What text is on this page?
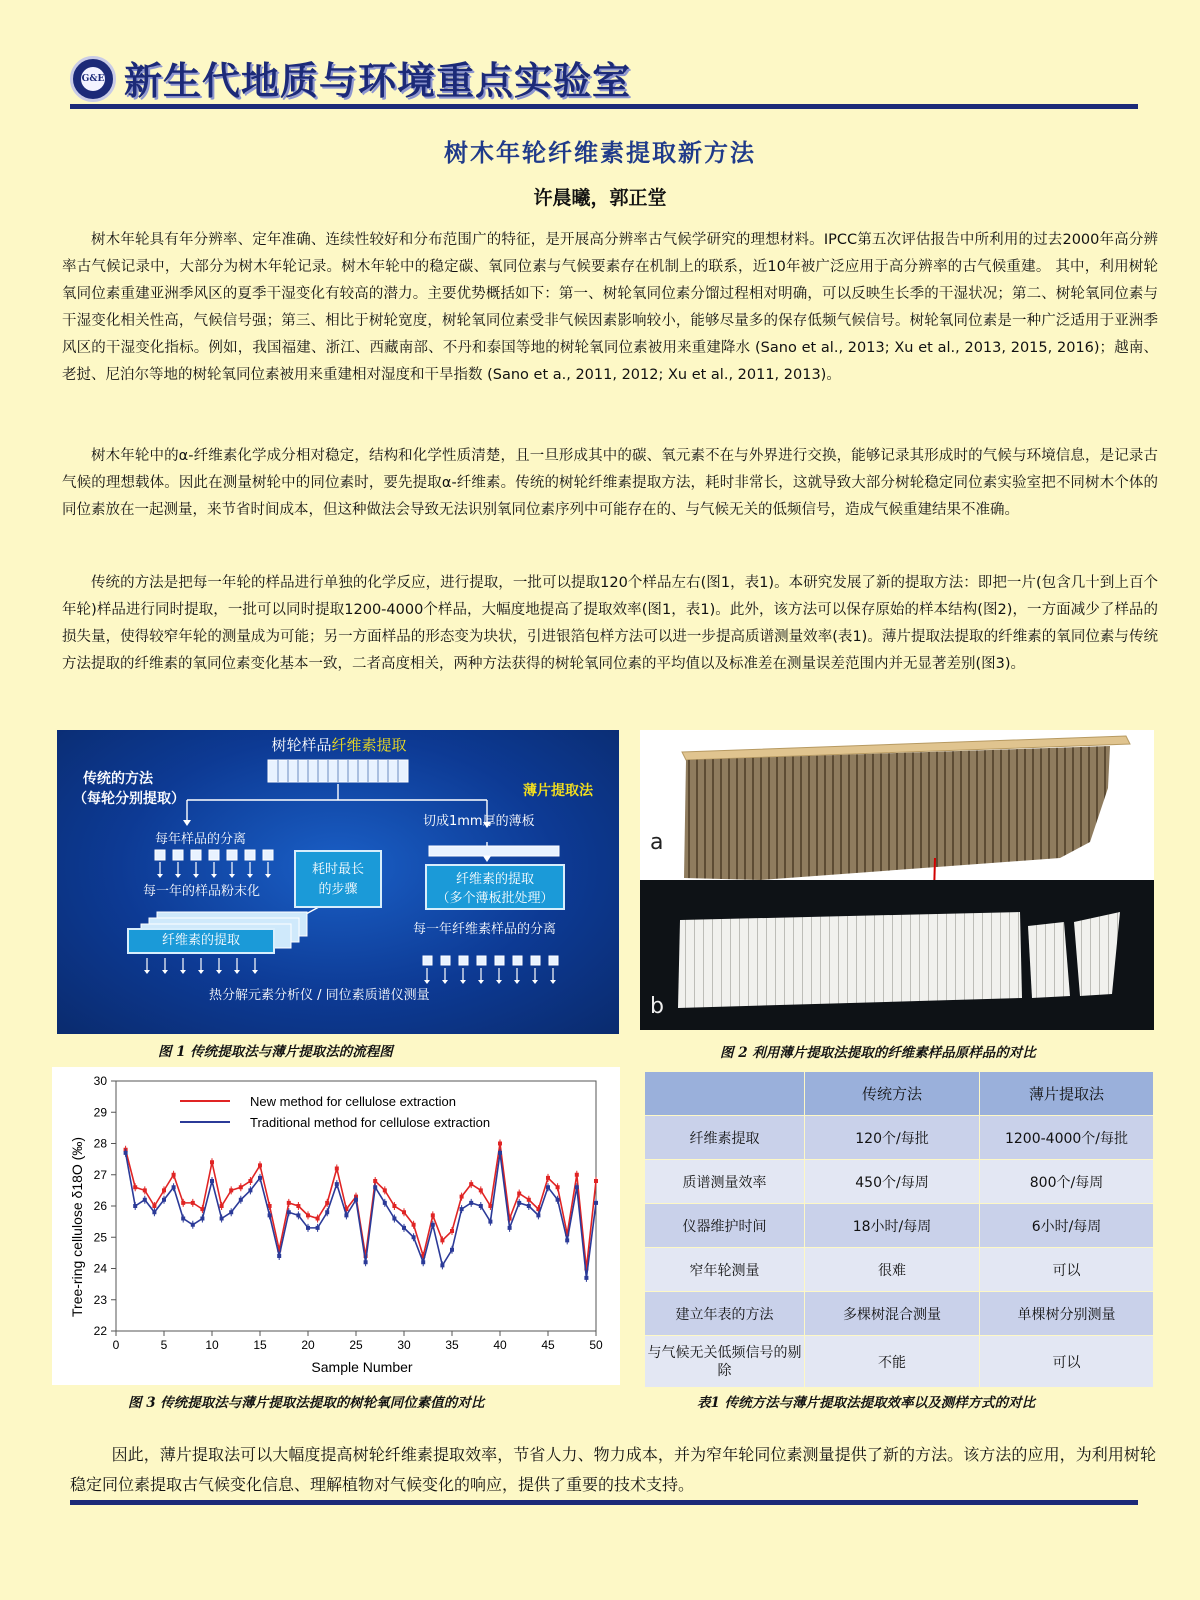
G&E 新生代地质与环境重点实验室
树木年轮纤维素提取新方法
许晨曦，郭正堂

树木年轮具有年分辨率、定年准确、连续性较好和分布范围广的特征，是开展高分辨率古气候学研究的理想材料。IPCC第五次评估报告中所利用的过去2000年高分辨率古气候记录中，大部分为树木年轮记录。树木年轮中的稳定碳、氧同位素与气候要素存在机制上的联系，近10年被广泛应用于高分辨率的古气候重建。 其中，利用树轮氧同位素重建亚洲季风区的夏季干湿变化有较高的潜力。主要优势概括如下：第一、树轮氧同位素分馏过程相对明确，可以反映生长季的干湿状况；第二、树轮氧同位素与干湿变化相关性高，气候信号强；第三、相比于树轮宽度，树轮氧同位素受非气候因素影响较小，能够尽量多的保存低频气候信号。树轮氧同位素是一种广泛适用于亚洲季风区的干湿变化指标。例如，我国福建、浙江、西藏南部、不丹和泰国等地的树轮氧同位素被用来重建降水 (Sano et al., 2013; Xu et al., 2013, 2015, 2016)；越南、老挝、尼泊尔等地的树轮氧同位素被用来重建相对湿度和干旱指数 (Sano et a., 2011, 2012; Xu et al., 2011, 2013)。

树木年轮中的α-纤维素化学成分相对稳定，结构和化学性质清楚，且一旦形成其中的碳、氧元素不在与外界进行交换，能够记录其形成时的气候与环境信息，是记录古气候的理想载体。因此在测量树轮中的同位素时，要先提取α-纤维素。传统的树轮纤维素提取方法，耗时非常长，这就导致大部分树轮稳定同位素实验室把不同树木个体的同位素放在一起测量，来节省时间成本，但这种做法会导致无法识别氧同位素序列中可能存在的、与气候无关的低频信号，造成气候重建结果不准确。

传统的方法是把每一年轮的样品进行单独的化学反应，进行提取，一批可以提取120个样品左右(图1，表1)。本研究发展了新的提取方法：即把一片(包含几十到上百个年轮)样品进行同时提取，一批可以同时提取1200-4000个样品，大幅度地提高了提取效率(图1，表1)。此外，该方法可以保存原始的样本结构(图2)，一方面减少了样品的损失量，使得较窄年轮的测量成为可能；另一方面样品的形态变为块状，引进银箔包样方法可以进一步提高质谱测量效率(表1)。薄片提取法提取的纤维素的氧同位素与传统方法提取的纤维素的氧同位素变化基本一致，二者高度相关，两种方法获得的树轮氧同位素的平均值以及标准差在测量误差范围内并无显著差别(图3)。

树轮样品纤维素提取
传统的方法
（每轮分别提取）	薄片提取法
每年样品的分离
每一年的样品粉末化
耗时最长
的步骤
切成1mm厚的薄板
纤维素的提取
（多个薄板批处理）
纤维素的提取
每一年纤维素样品的分离
热分解元素分析仪 / 同位素质谱仪测量
a
b
图 1 传统提取法与薄片提取法的流程图	图 2 利用薄片提取法提取的纤维素样品原样品的对比
0	5	10	15	20	25	30	35	40	45	50
22
23
24
25
26
27
28
29
30
New method for cellulose extraction
Traditional method for cellulose extraction
Sample Number
Tree-ring cellulose δ18O (‰)
	传统方法	薄片提取法
纤维素提取	120个/每批	1200-4000个/每批
质谱测量效率	450个/每周	800个/每周
仪器维护时间	18小时/每周	6小时/每周
窄年轮测量	很难	可以
建立年表的方法	多棵树混合测量	单棵树分别测量
与气候无关低频信号的剔除	不能	可以
图 3 传统提取法与薄片提取法提取的树轮氧同位素值的对比	表1 传统方法与薄片提取法提取效率以及测样方式的对比

因此，薄片提取法可以大幅度提高树轮纤维素提取效率，节省人力、物力成本，并为窄年轮同位素测量提供了新的方法。该方法的应用，为利用树轮稳定同位素提取古气候变化信息、理解植物对气候变化的响应，提供了重要的技术支持。
